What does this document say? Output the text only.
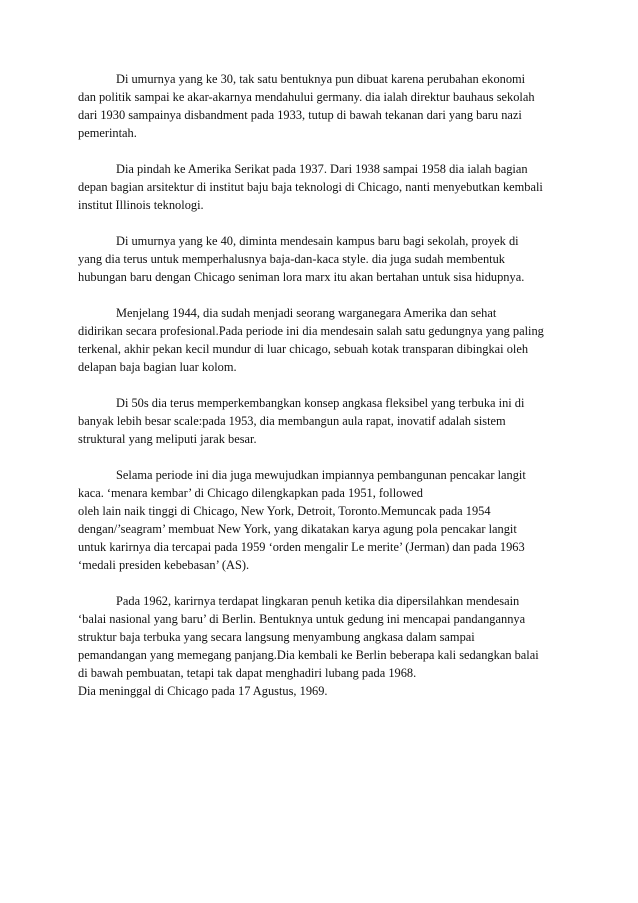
Di umurnya yang ke 30, tak satu bentuknya pun dibuat karena perubahan ekonomi
dan politik sampai ke akar-akarnya mendahului germany. dia ialah direktur bauhaus sekolah
dari 1930 sampainya disbandment pada 1933, tutup di bawah tekanan dari yang baru nazi
pemerintah.

Dia pindah ke Amerika Serikat pada 1937. Dari 1938 sampai 1958 dia ialah bagian
depan bagian arsitektur di institut baju baja teknologi di Chicago, nanti menyebutkan kembali
institut Illinois teknologi.

Di umurnya yang ke 40, diminta mendesain kampus baru bagi sekolah, proyek di
yang dia terus untuk memperhalusnya baja-dan-kaca style. dia juga sudah membentuk
hubungan baru dengan Chicago seniman lora marx itu akan bertahan untuk sisa hidupnya.

Menjelang 1944, dia sudah menjadi seorang warganegara Amerika dan sehat
didirikan secara profesional.Pada periode ini dia mendesain salah satu gedungnya yang paling
terkenal, akhir pekan kecil mundur di luar chicago, sebuah kotak transparan dibingkai oleh
delapan baja bagian luar kolom.

Di 50s dia terus memperkembangkan konsep angkasa fleksibel yang terbuka ini di
banyak lebih besar scale:pada 1953, dia membangun aula rapat, inovatif adalah sistem
struktural yang meliputi jarak besar.

Selama periode ini dia juga mewujudkan impiannya pembangunan pencakar langit
kaca. ‘menara kembar’ di Chicago dilengkapkan pada 1951, followed
oleh lain naik tinggi di Chicago, New York, Detroit, Toronto.Memuncak pada 1954
dengan/’seagram’ membuat New York, yang dikatakan karya agung pola pencakar langit
untuk karirnya dia tercapai pada 1959 ‘orden mengalir Le merite’ (Jerman) dan pada 1963
‘medali presiden kebebasan’ (AS).

Pada 1962, karirnya terdapat lingkaran penuh ketika dia dipersilahkan mendesain
‘balai nasional yang baru’ di Berlin. Bentuknya untuk gedung ini mencapai pandangannya
struktur baja terbuka yang secara langsung menyambung angkasa dalam sampai
pemandangan yang memegang panjang.Dia kembali ke Berlin beberapa kali sedangkan balai
di bawah pembuatan, tetapi tak dapat menghadiri lubang pada 1968.
Dia meninggal di Chicago pada 17 Agustus, 1969.
